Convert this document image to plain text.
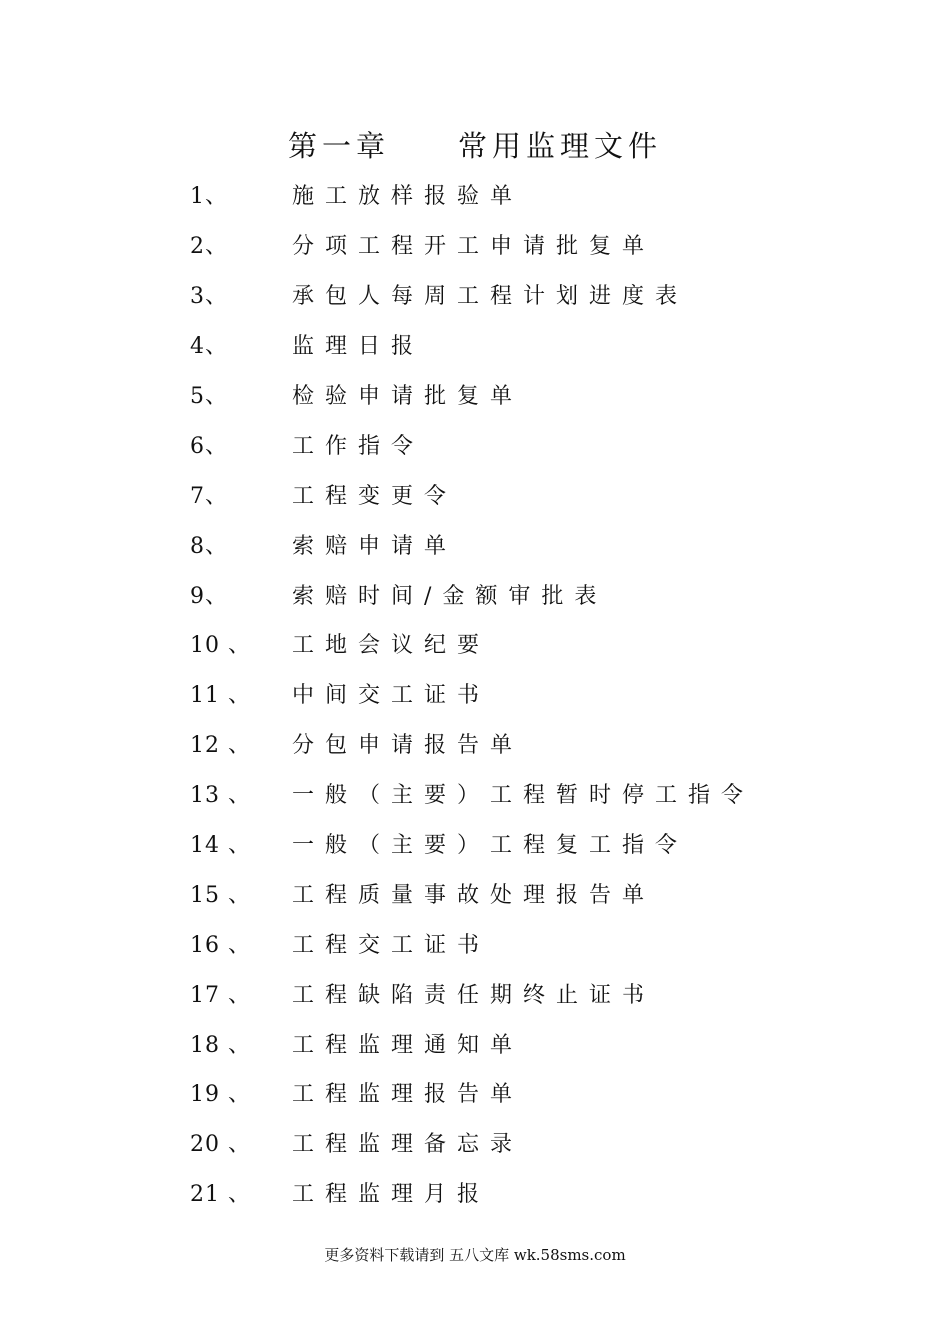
第一章　　常用监理文件
1、	施工放样报验单
2、	分项工程开工申请批复单
3、	承包人每周工程计划进度表
4、	监理日报
5、	检验申请批复单
6、	工作指令
7、	工程变更令
8、	索赔申请单
9、	索赔时间/金额审批表
10 、	工地会议纪要
11 、	中间交工证书
12 、	分包申请报告单
13 、	一般（主要）工程暂时停工指令
14 、	一般（主要）工程复工指令
15 、	工程质量事故处理报告单
16 、	工程交工证书
17 、	工程缺陷责任期终止证书
18 、	工程监理通知单
19 、	工程监理报告单
20 、	工程监理备忘录
21 、	工程监理月报
更多资料下载请到 五八文库 wk.58sms.com
